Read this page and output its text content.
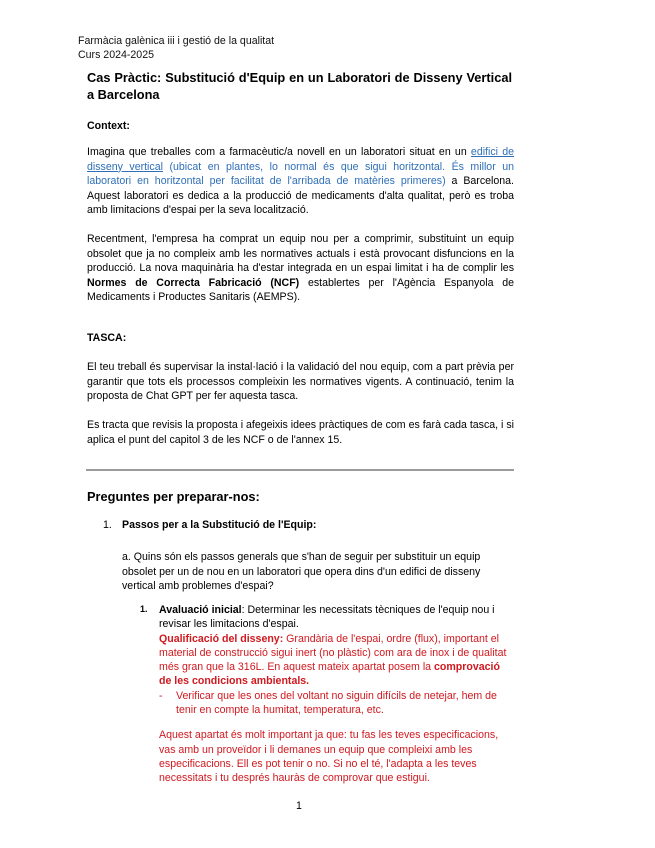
Farmàcia galènica iii i gestió de la qualitat
Curs 2024-2025
Cas Pràctic: Substitució d'Equip en un Laboratori de Disseny Vertical a Barcelona
Context:
Imagina que treballes com a farmacèutic/a novell en un laboratori situat en un edifici de disseny vertical (ubicat en plantes, lo normal és que sigui horitzontal. És millor un laboratori en horitzontal per facilitat de l'arribada de matèries primeres) a Barcelona. Aquest laboratori es dedica a la producció de medicaments d'alta qualitat, però es troba amb limitacions d'espai per la seva localització.
Recentment, l'empresa ha comprat un equip nou per a comprimir, substituint un equip obsolet que ja no compleix amb les normatives actuals i està provocant disfuncions en la producció. La nova maquinària ha d'estar integrada en un espai limitat i ha de complir les Normes de Correcta Fabricació (NCF) establertes per l'Agència Espanyola de Medicaments i Productes Sanitaris (AEMPS).
TASCA:
El teu treball és supervisar la instal·lació i la validació del nou equip, com a part prèvia per garantir que tots els processos compleixin les normatives vigents. A continuació, tenim la proposta de Chat GPT per fer aquesta tasca.
Es tracta que revisis la proposta i afegeixis idees pràctiques de com es farà cada tasca, i si aplica el punt del capitol 3 de les NCF o de l'annex 15.
Preguntes per preparar-nos:
1. Passos per a la Substitució de l'Equip:
a. Quins són els passos generals que s'han de seguir per substituir un equip obsolet per un de nou en un laboratori que opera dins d'un edifici de disseny vertical amb problemes d'espai?
1. Avaluació inicial: Determinar les necessitats tècniques de l'equip nou i revisar les limitacions d'espai.
Qualificació del disseny: Grandària de l'espai, ordre (flux), important el material de construcció sigui inert (no plàstic) com ara de inox i de qualitat més gran que la 316L. En aquest mateix apartat posem la comprovació de les condicions ambientals.
- Verificar que les ones del voltant no siguin difícils de netejar, hem de tenir en compte la humitat, temperatura, etc.
Aquest apartat és molt important ja que: tu fas les teves especificacions, vas amb un proveïdor i li demanes un equip que compleixi amb les especificacions. Ell es pot tenir o no. Si no el té, l'adapta a les teves necessitats i tu després hauràs de comprovar que estigui.
1
